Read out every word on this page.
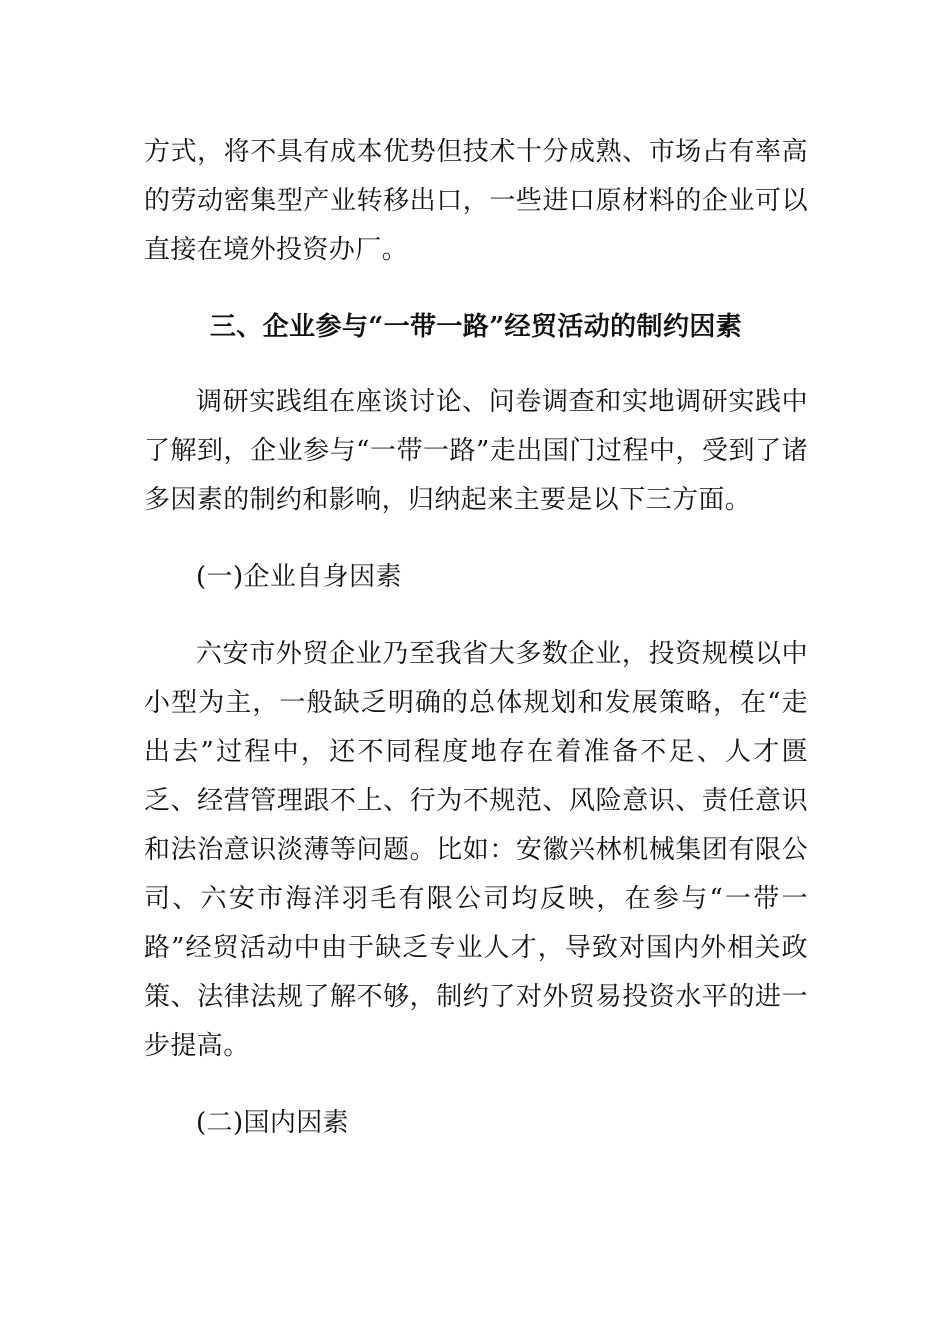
方式，将不具有成本优势但技术十分成熟、市场占有率高的劳动密集型产业转移出口，一些进口原材料的企业可以直接在境外投资办厂。

三、企业参与“一带一路”经贸活动的制约因素

调研实践组在座谈讨论、问卷调查和实地调研实践中了解到，企业参与“一带一路”走出国门过程中，受到了诸多因素的制约和影响，归纳起来主要是以下三方面。

(一)企业自身因素

六安市外贸企业乃至我省大多数企业，投资规模以中小型为主，一般缺乏明确的总体规划和发展策略，在“走出去”过程中，还不同程度地存在着准备不足、人才匮乏、经营管理跟不上、行为不规范、风险意识、责任意识和法治意识淡薄等问题。比如：安徽兴林机械集团有限公司、六安市海洋羽毛有限公司均反映，在参与“一带一路”经贸活动中由于缺乏专业人才，导致对国内外相关政策、法律法规了解不够，制约了对外贸易投资水平的进一步提高。

(二)国内因素
